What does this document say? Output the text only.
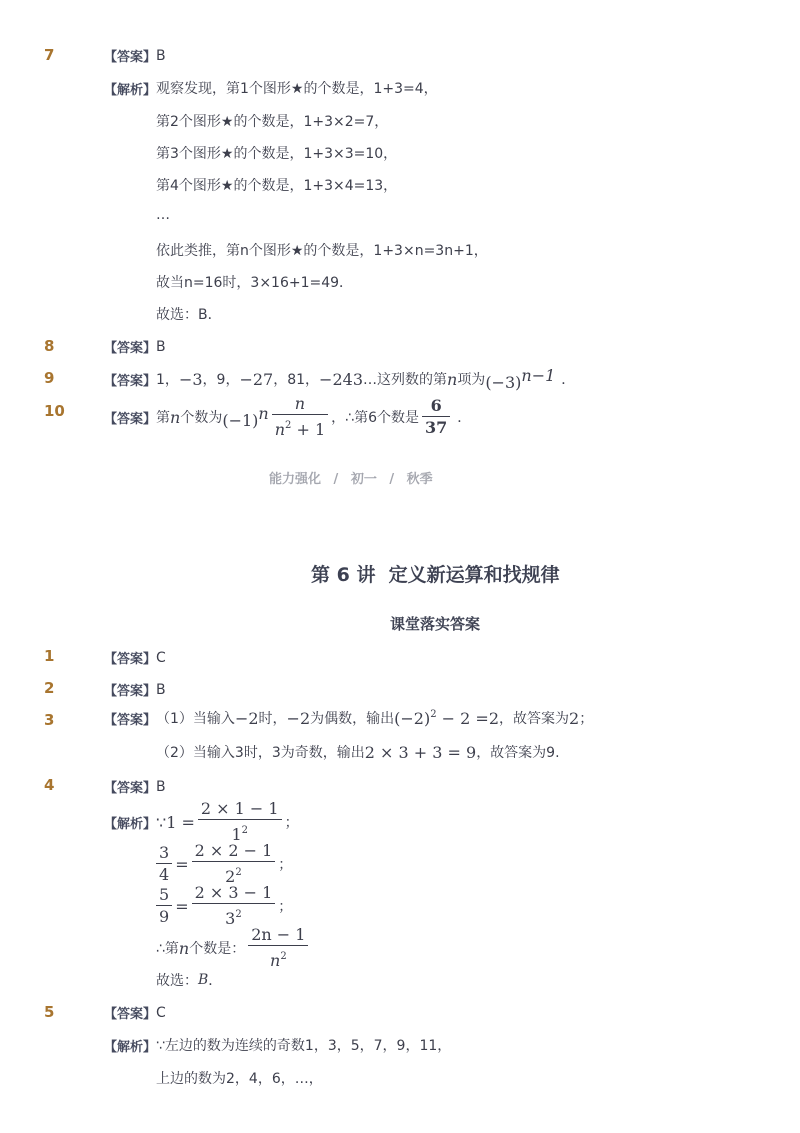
7	【答案】 B
【解析】 观察发现，第1个图形★的个数是，1+3=4，
第2个图形★的个数是，1+3×2=7，
第3个图形★的个数是，1+3×3=10，
第4个图形★的个数是，1+3×4=13，
…
依此类推，第n个图形★的个数是，1+3×n=3n+1，
故当n=16时，3×16+1=49．
故选：B．
8	【答案】 B
9	【答案】 1， −3 ，9， −27 ，81， −243 …这列数的第 n 项为 $(-3)^{n-1}$ ．
10	【答案】 第 n 个数为 $(-1)^n \frac{n}{n^2 + 1}$ ，∴第6个数是 $\frac{6}{37}$ ．
能力强化 / 初一 / 秋季
第 6 讲  定义新运算和找规律
课堂落实答案
1	【答案】 C
2	【答案】 B
3	【答案】 （1）当输入 −2 时， −2 为偶数，输出 $(-2)^2 - 2 =2$ ，故答案为 2 ；
（2）当输入3时，3为奇数，输出 2 × 3 + 3 = 9 ，故答案为9.
4	【答案】 B
【解析】 ∵1 = $\frac{2 \times 1 - 1}{1^2}$ ；
$\frac{3}{4} = \frac{2 \times 2 - 1}{2^2}$ ；
$\frac{5}{9} = \frac{2 \times 3 - 1}{3^2}$ ；
∴第 n 个数是： $\frac{2n - 1}{n^2}$
故选： B ．
5	【答案】 C
【解析】 ∵左边的数为连续的奇数1，3，5，7，9，11，
上边的数为2，4，6，…，
